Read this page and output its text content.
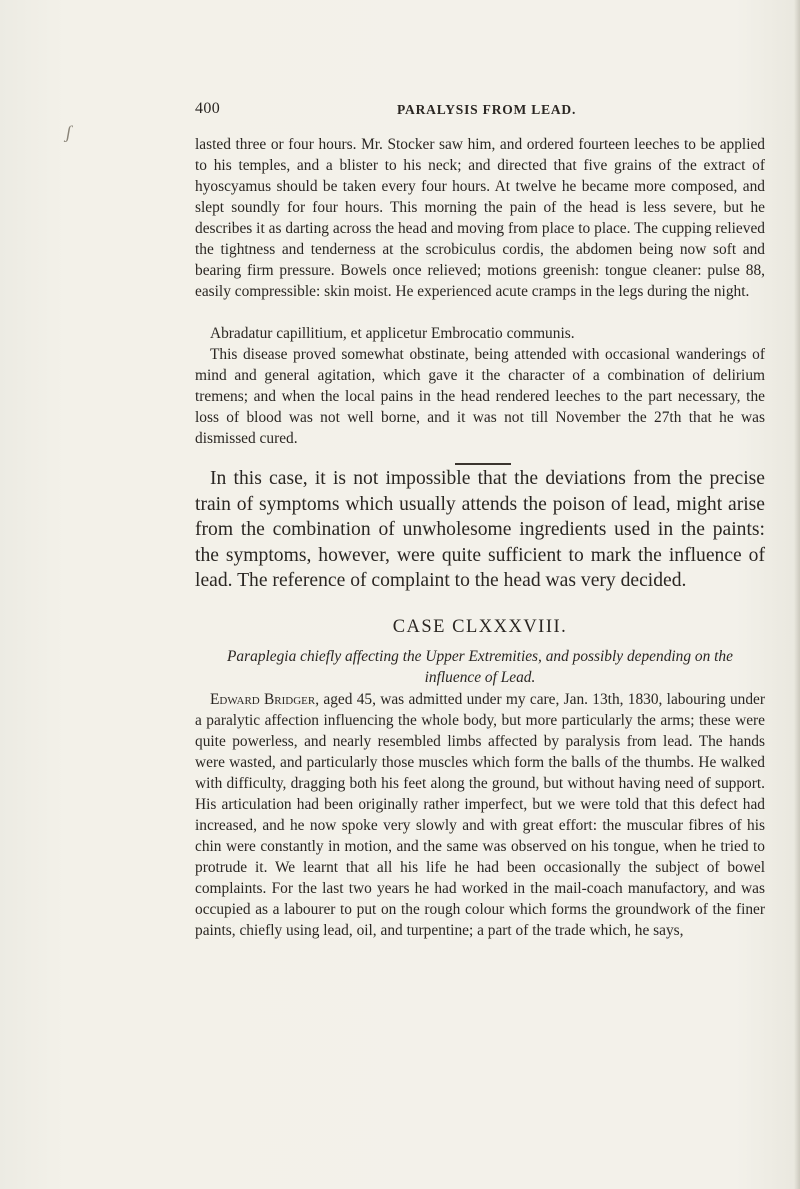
ʃ
400	PARALYSIS FROM LEAD.

lasted three or four hours. Mr. Stocker saw him, and ordered fourteen leeches to be applied to his temples, and a blister to his neck; and directed that five grains of the extract of hyoscyamus should be taken every four hours. At twelve he became more composed, and slept soundly for four hours. This morning the pain of the head is less severe, but he describes it as darting across the head and moving from place to place. The cupping relieved the tightness and tenderness at the scrobiculus cordis, the abdomen being now soft and bearing firm pressure. Bowels once relieved; motions greenish: tongue cleaner: pulse 88, easily compressible: skin moist. He experienced acute cramps in the legs during the night.

Abradatur capillitium, et applicetur Embrocatio communis.

This disease proved somewhat obstinate, being attended with occasional wanderings of mind and general agitation, which gave it the character of a combination of delirium tremens; and when the local pains in the head rendered leeches to the part necessary, the loss of blood was not well borne, and it was not till November the 27th that he was dismissed cured.

In this case, it is not impossible that the deviations from the precise train of symptoms which usually attends the poison of lead, might arise from the combination of unwholesome ingredients used in the paints: the symptoms, however, were quite sufficient to mark the influence of lead. The reference of complaint to the head was very decided.

CASE CLXXXVIII.
Paraplegia chiefly affecting the Upper Extremities, and possibly depending on the influence of Lead.

Edward Bridger, aged 45, was admitted under my care, Jan. 13th, 1830, labouring under a paralytic affection influencing the whole body, but more particularly the arms; these were quite powerless, and nearly resembled limbs affected by paralysis from lead. The hands were wasted, and particularly those muscles which form the balls of the thumbs. He walked with difficulty, dragging both his feet along the ground, but without having need of support. His articulation had been originally rather imperfect, but we were told that this defect had increased, and he now spoke very slowly and with great effort: the muscular fibres of his chin were constantly in motion, and the same was observed on his tongue, when he tried to protrude it. We learnt that all his life he had been occasionally the subject of bowel complaints. For the last two years he had worked in the mail-coach manufactory, and was occupied as a labourer to put on the rough colour which forms the groundwork of the finer paints, chiefly using lead, oil, and turpentine; a part of the trade which, he says,
